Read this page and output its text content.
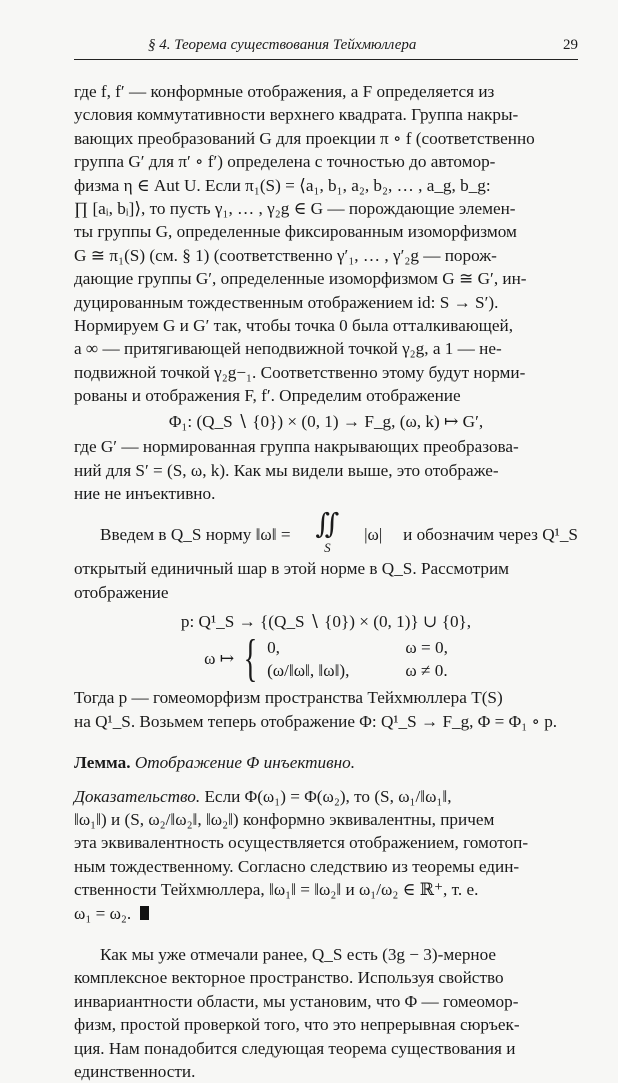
§ 4. Теорема существования Тейхмюллера	29

где f, f′ — конформные отображения, а F определяется из

условия коммутативности верхнего квадрата. Группа накры-

вающих преобразований G для проекции π ∘ f (соответственно

группа G′ для π′ ∘ f′) определена с точностью до автомор-

физма η ∈ Aut U. Если π₁(S) = ⟨a₁, b₁, a₂, b₂, … , a_g, b_g:

∏ [aᵢ, bᵢ]⟩, то пусть γ₁, … , γ₂g ∈ G — порождающие элемен-

ты группы G, определенные фиксированным изоморфизмом

G ≅ π₁(S) (см. § 1) (соответственно γ′₁, … , γ′₂g — порож-

дающие группы G′, определенные изоморфизмом G ≅ G′, ин-

дуцированным тождественным отображением id: S → S′).

Нормируем G и G′ так, чтобы точка 0 была отталкивающей,

а ∞ — притягивающей неподвижной точкой γ₂g, а 1 — не-

подвижной точкой γ₂g−₁. Соответственно этому будут норми-

рованы и отображения F, f′. Определим отображение

Φ₁: (Q_S ∖ {0}) × (0, 1) → F_g, (ω, k) ↦ G′,

где G′ — нормированная группа накрывающих преобразова-

ний для S′ = (S, ω, k). Как мы видели выше, это отображе-

ние не инъективно.

Введем в Q_S норму ‖ω‖ = ∬
S
|ω| и обозначим через Q¹_S

открытый единичный шар в этой норме в Q_S. Рассмотрим

отображение

p: Q¹_S → {(Q_S ∖ {0}) × (0, 1)} ∪ {0},

ω ↦ { 0,	ω = 0,
(ω/‖ω‖, ‖ω‖),	ω ≠ 0.

Тогда p — гомеоморфизм пространства Тейхмюллера T(S)

на Q¹_S. Возьмем теперь отображение Φ: Q¹_S → F_g, Φ = Φ₁ ∘ p.

Лемма. Отображение Φ инъективно.

Доказательство. Если Φ(ω₁) = Φ(ω₂), то (S, ω₁/‖ω₁‖,

‖ω₁‖) и (S, ω₂/‖ω₂‖, ‖ω₂‖) конформно эквивалентны, причем

эта эквивалентность осуществляется отображением, гомотоп-

ным тождественному. Согласно следствию из теоремы един-

ственности Тейхмюллера, ‖ω₁‖ = ‖ω₂‖ и ω₁/ω₂ ∈ ℝ⁺, т. е.

ω₁ = ω₂.

Как мы уже отмечали ранее, Q_S есть (3g − 3)-мерное

комплексное векторное пространство. Используя свойство

инвариантности области, мы установим, что Φ — гомеомор-

физм, простой проверкой того, что это непрерывная сюръек-

ция. Нам понадобится следующая теорема существования и

единственности.
